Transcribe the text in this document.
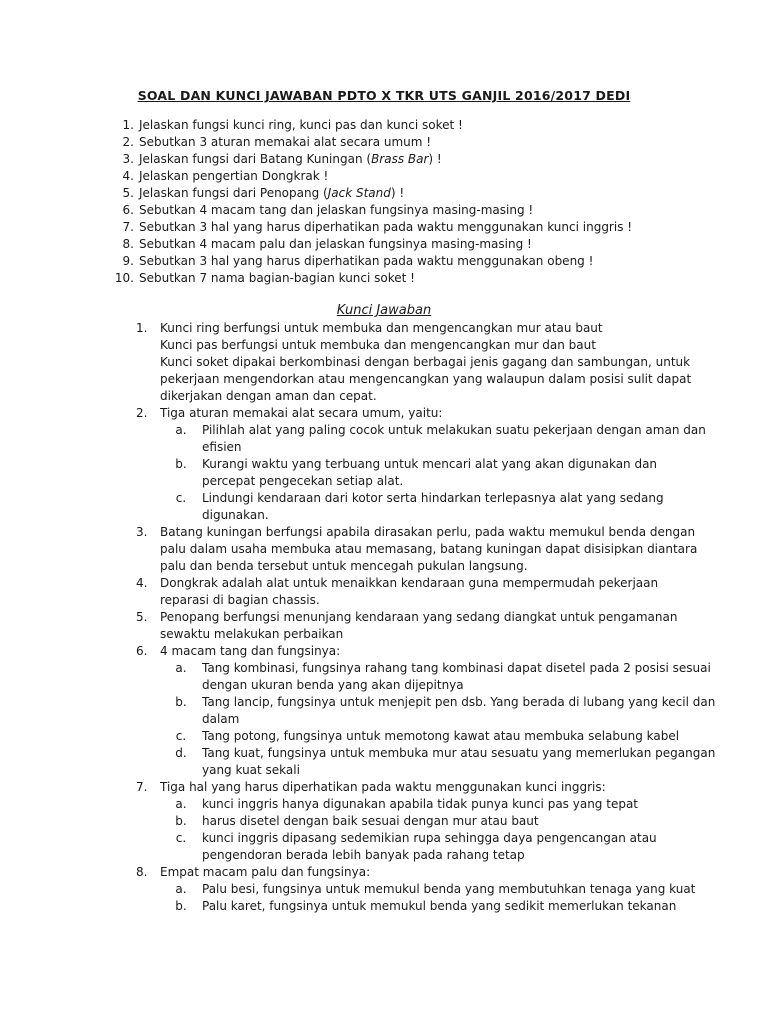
SOAL DAN KUNCI JAWABAN PDTO X TKR UTS GANJIL 2016/2017 DEDI
1. Jelaskan fungsi kunci ring, kunci pas dan kunci soket !
2. Sebutkan 3 aturan memakai alat secara umum !
3. Jelaskan fungsi dari Batang Kuningan (Brass Bar) !
4. Jelaskan pengertian Dongkrak !
5. Jelaskan fungsi dari Penopang (Jack Stand) !
6. Sebutkan 4 macam tang dan jelaskan fungsinya masing-masing !
7. Sebutkan 3 hal yang harus diperhatikan pada waktu menggunakan kunci inggris !
8. Sebutkan 4 macam palu dan jelaskan fungsinya masing-masing !
9. Sebutkan 3 hal yang harus diperhatikan pada waktu menggunakan obeng !
10. Sebutkan 7 nama bagian-bagian kunci soket !
Kunci Jawaban
1. Kunci ring berfungsi untuk membuka dan mengencangkan mur atau baut
Kunci pas berfungsi untuk membuka dan mengencangkan mur dan baut
Kunci soket dipakai berkombinasi dengan berbagai jenis gagang dan sambungan, untuk
pekerjaan mengendorkan atau mengencangkan yang walaupun dalam posisi sulit dapat
dikerjakan dengan aman dan cepat.
2. Tiga aturan memakai alat secara umum, yaitu:
a.	Pilihlah alat yang paling cocok untuk melakukan suatu pekerjaan dengan aman dan
efisien
b.	Kurangi waktu yang terbuang untuk mencari alat yang akan digunakan dan
percepat pengecekan setiap alat.
c.	Lindungi kendaraan dari kotor serta hindarkan terlepasnya alat yang sedang
digunakan.
3. Batang kuningan berfungsi apabila dirasakan perlu, pada waktu memukul benda dengan
palu dalam usaha membuka atau memasang, batang kuningan dapat disisipkan diantara
palu dan benda tersebut untuk mencegah pukulan langsung.
4. Dongkrak adalah alat untuk menaikkan kendaraan guna mempermudah pekerjaan
reparasi di bagian chassis.
5. Penopang berfungsi menunjang kendaraan yang sedang diangkat untuk pengamanan
sewaktu melakukan perbaikan
6. 4 macam tang dan fungsinya:
a.	Tang kombinasi, fungsinya rahang tang kombinasi dapat disetel pada 2 posisi sesuai
dengan ukuran benda yang akan dijepitnya
b.	Tang lancip, fungsinya untuk menjepit pen dsb. Yang berada di lubang yang kecil dan
dalam
c.	Tang potong, fungsinya untuk memotong kawat atau membuka selabung kabel
d.	Tang kuat, fungsinya untuk membuka mur atau sesuatu yang memerlukan pegangan
yang kuat sekali
7. Tiga hal yang harus diperhatikan pada waktu menggunakan kunci inggris:
a.	kunci inggris hanya digunakan apabila tidak punya kunci pas yang tepat
b.	harus disetel dengan baik sesuai dengan mur atau baut
c.	kunci inggris dipasang sedemikian rupa sehingga daya pengencangan atau
pengendoran berada lebih banyak pada rahang tetap
8. Empat macam palu dan fungsinya:
a.	Palu besi, fungsinya untuk memukul benda yang membutuhkan tenaga yang kuat
b.	Palu karet, fungsinya untuk memukul benda yang sedikit memerlukan tekanan
